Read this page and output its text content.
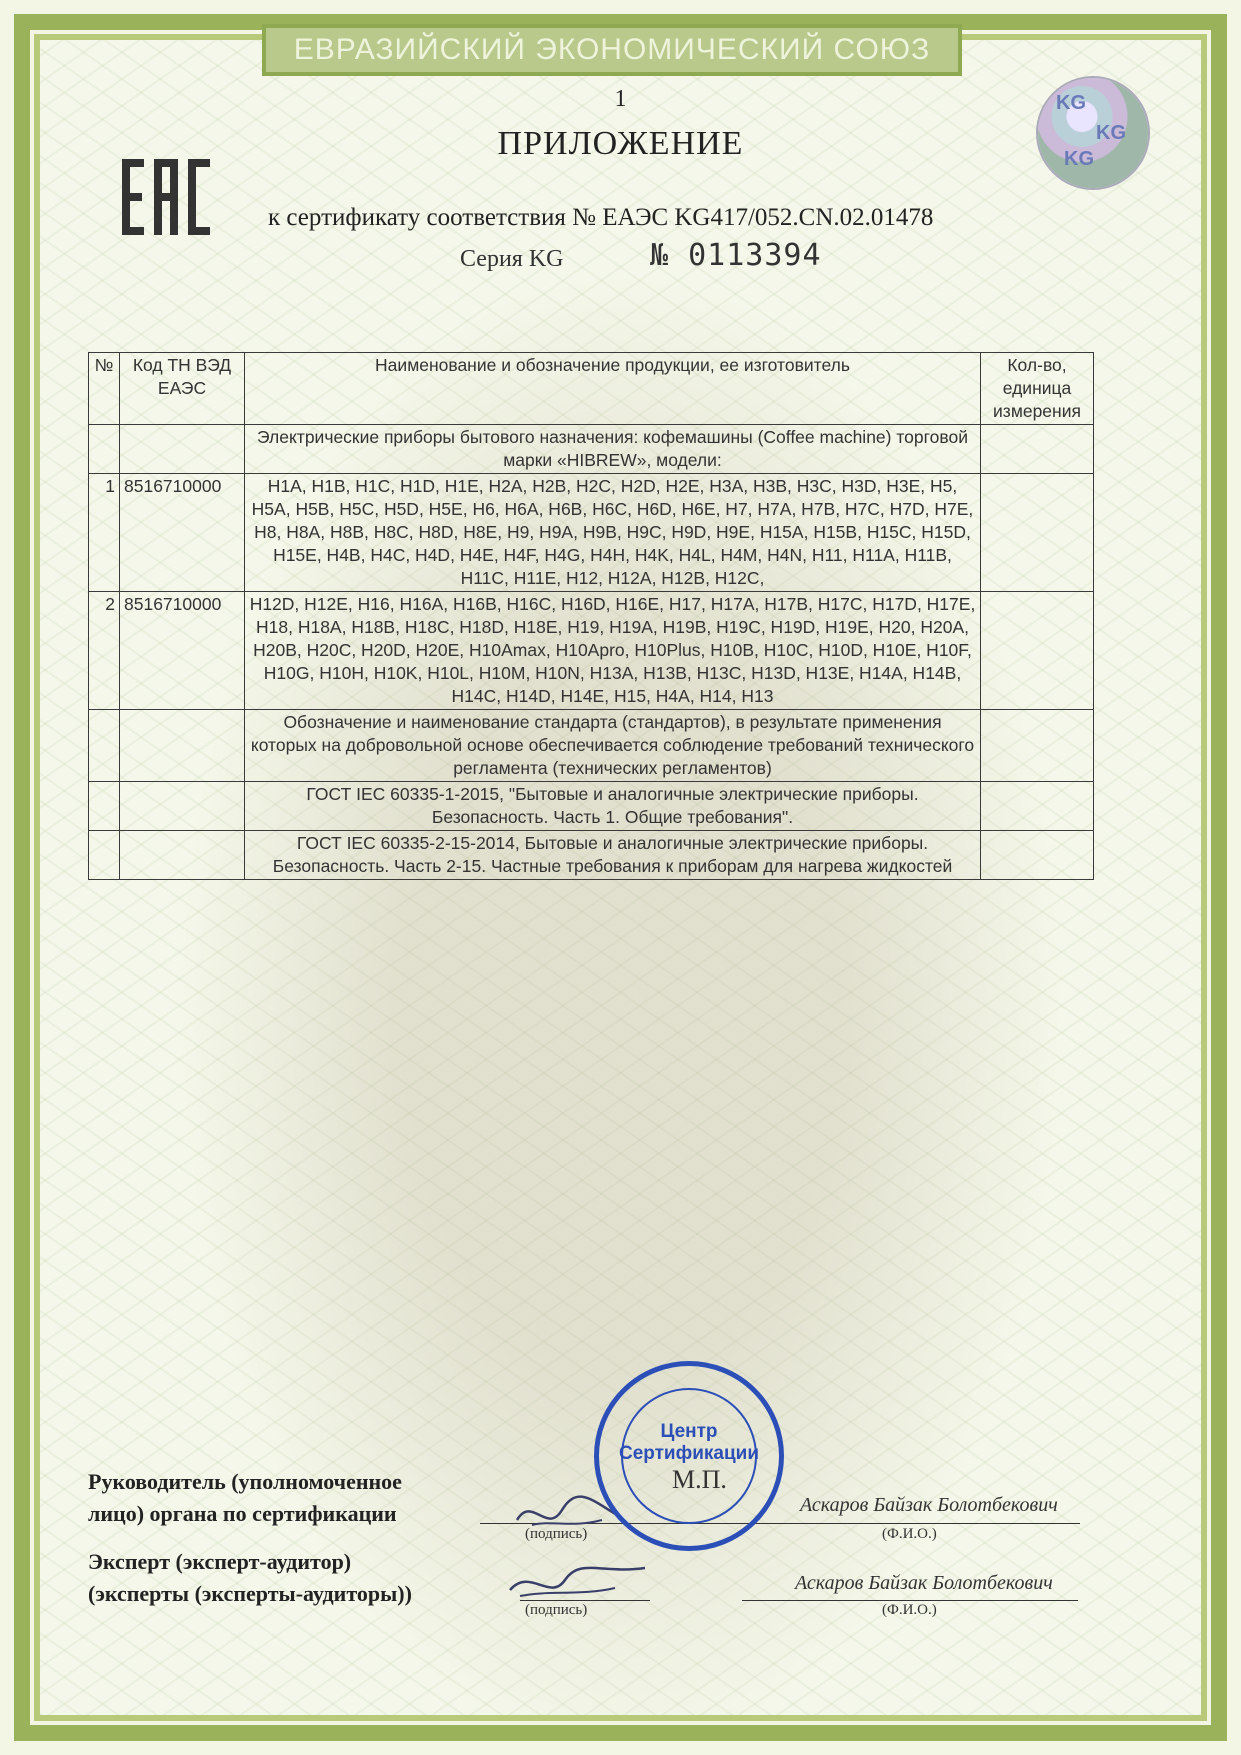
ЕВРАЗИЙСКИЙ ЭКОНОМИЧЕСКИЙ СОЮЗ
KG
KG
KG
1
ПРИЛОЖЕНИЕ
к сертификату соответствия № ЕАЭС KG417/052.CN.02.01478
Серия KG	№ 0113394
№	Код ТН ВЭД ЕАЭС	Наименование и обозначение продукции, ее изготовитель	Кол-во, единица измерения
		Электрические приборы бытового назначения: кофемашины (Coffee machine) торговой марки «HIBREW», модели:	
1	8516710000	H1A, H1B, H1C, H1D, H1E, H2A, H2B, H2C, H2D, H2E, H3A, H3B, H3C, H3D, H3E, H5, H5A, H5B, H5C, H5D, H5E, H6, H6A, H6B, H6C, H6D, H6E, H7, H7A, H7B, H7C, H7D, H7E, H8, H8A, H8B, H8C, H8D, H8E, H9, H9A, H9B, H9C, H9D, H9E, H15A, H15B, H15C, H15D, H15E, H4B, H4C, H4D, H4E, H4F, H4G, H4H, H4K, H4L, H4M, H4N, H11, H11A, H11B, H11C, H11E, H12, H12A, H12B, H12C,	
2	8516710000	H12D, H12E, H16, H16A, H16B, H16C, H16D, H16E, H17, H17A, H17B, H17C, H17D, H17E, H18, H18A, H18B, H18C, H18D, H18E, H19, H19A, H19B, H19C, H19D, H19E, H20, H20A, H20B, H20C, H20D, H20E, H10Amax, H10Apro, H10Plus, H10B, H10C, H10D, H10E, H10F, H10G, H10H, H10K, H10L, H10M, H10N, H13A, H13B, H13C, H13D, H13E, H14A, H14B, H14C, H14D, H14E, H15, H4A, H14, H13	
		Обозначение и наименование стандарта (стандартов), в результате применения которых на добровольной основе обеспечивается соблюдение требований технического регламента (технических регламентов)	
		ГОСТ IEC 60335-1-2015, "Бытовые и аналогичные электрические приборы. Безопасность. Часть 1. Общие требования".	
		ГОСТ IEC 60335-2-15-2014, Бытовые и аналогичные электрические приборы. Безопасность. Часть 2-15. Частные требования к приборам для нагрева жидкостей	
Руководитель (уполномоченное
лицо) органа по сертификации
Эксперт (эксперт-аудитор)
(эксперты (эксперты-аудиторы))
(подпись)	(Ф.И.О.)
Аскаров Байзак Болотбекович
(подпись)	(Ф.И.О.)
Аскаров Байзак Болотбекович
Центр Сертификации
М.П.
